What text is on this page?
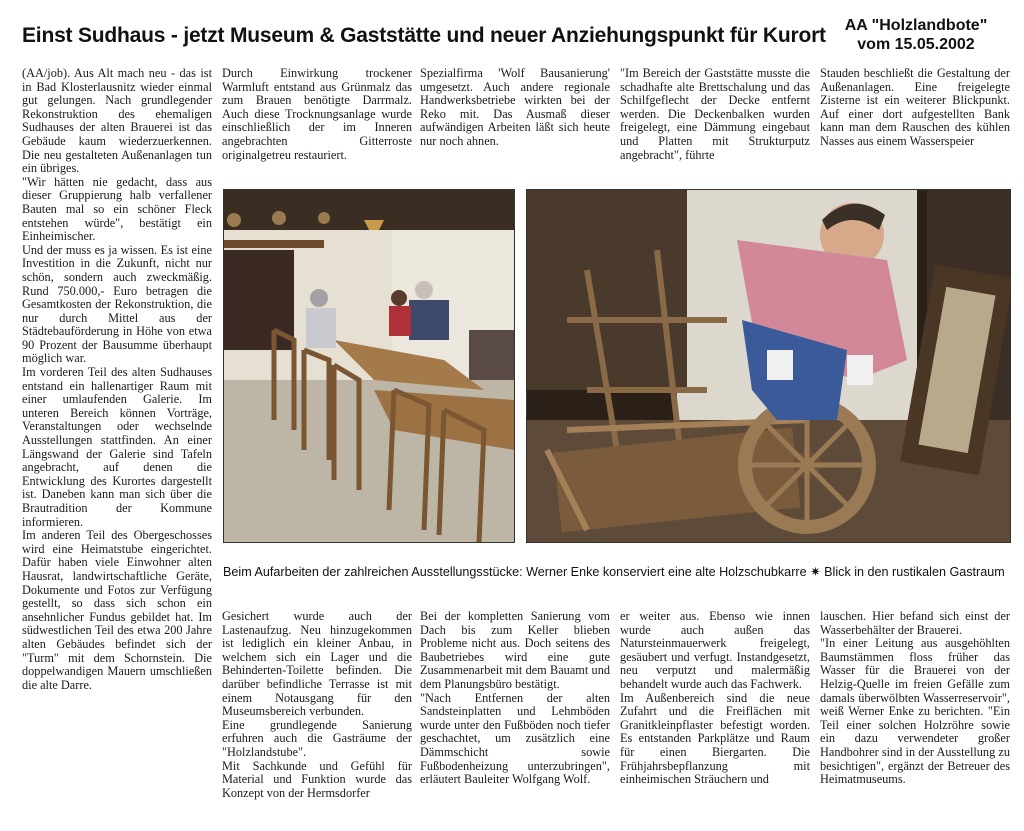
Einst Sudhaus - jetzt Museum & Gaststätte und neuer Anziehungspunkt für Kurort	AA "Holzlandbote"
vom 15.05.2002

(AA/job). Aus Alt mach neu - das ist in Bad Klosterlausnitz wieder einmal gut gelungen. Nach grundlegender Rekonstruktion des ehemaligen Sudhauses der alten Brauerei ist das Gebäude kaum wiederzuerkennen. Die neu gestalteten Außenanlagen tun ein übriges.

"Wir hätten nie gedacht, dass aus dieser Gruppierung halb verfallener Bauten mal so ein schöner Fleck entstehen würde", bestätigt ein Einheimischer.

Und der muss es ja wissen. Es ist eine Investition in die Zukunft, nicht nur schön, sondern auch zweckmäßig. Rund 750.000,- Euro betragen die Gesamtkosten der Rekonstruktion, die nur durch Mittel aus der Städtebauförderung in Höhe von etwa 90 Prozent der Bausumme überhaupt möglich war.

Im vorderen Teil des alten Sudhauses entstand ein hallenartiger Raum mit einer umlaufenden Galerie. Im unteren Bereich können Vorträge, Veranstaltungen oder wechselnde Ausstellungen stattfinden. An einer Längswand der Galerie sind Tafeln angebracht, auf denen die Entwicklung des Kurortes dargestellt ist. Daneben kann man sich über die Brautradition der Kommune informieren.

Im anderen Teil des Obergeschosses wird eine Heimatstube eingerichtet. Dafür haben viele Einwohner alten Hausrat, landwirtschaftliche Geräte, Dokumente und Fotos zur Verfügung gestellt, so dass sich schon ein ansehnlicher Fundus gebildet hat. Im südwestlichen Teil des etwa 200 Jahre alten Gebäudes befindet sich der "Turm" mit dem Schornstein. Die doppelwandigen Mauern umschließen die alte Darre.

Durch Einwirkung trockener Warmluft entstand aus Grünmalz das zum Brauen benötigte Darrmalz. Auch diese Trocknungsanlage wurde einschließlich der im Inneren angebrachten Gitterroste originalgetreu restauriert.

Spezialfirma 'Wolf Bausanierung' umgesetzt. Auch andere regionale Handwerksbetriebe wirkten bei der Reko mit. Das Ausmaß dieser aufwändigen Arbeiten läßt sich heute nur noch ahnen.

"Im Bereich der Gaststätte musste die schadhafte alte Brettschalung und das Schilfgeflecht der Decke entfernt werden. Die Deckenbalken wurden freigelegt, eine Dämmung eingebaut und Platten mit Strukturputz angebracht", führte

Stauden beschließt die Gestaltung der Außenanlagen. Eine freigelegte Zisterne ist ein weiterer Blickpunkt. Auf einer dort aufgestellten Bank kann man dem Rauschen des kühlen Nasses aus einem Wasserspeier

Beim Aufarbeiten der zahlreichen Ausstellungsstücke: Werner Enke konserviert eine alte Holzschubkarre ✷ Blick in den rustikalen Gastraum

Gesichert wurde auch der Lastenaufzug. Neu hinzugekommen ist lediglich ein kleiner Anbau, in welchem sich ein Lager und die Behinderten-Toilette befinden. Die darüber befindliche Terrasse ist mit einem Notausgang für den Museumsbereich verbunden.

Eine grundlegende Sanierung erfuhren auch die Gasträume der "Holzlandstube".

Mit Sachkunde und Gefühl für Material und Funktion wurde das Konzept von der Hermsdorfer

Bei der kompletten Sanierung vom Dach bis zum Keller blieben Probleme nicht aus. Doch seitens des Baubetriebes wird eine gute Zusammenarbeit mit dem Bauamt und dem Planungsbüro bestätigt.

"Nach Entfernen der alten Sandsteinplatten und Lehmböden wurde unter den Fußböden noch tiefer geschachtet, um zusätzlich eine Dämmschicht sowie Fußbodenheizung unterzubringen", erläutert Bauleiter Wolfgang Wolf.

er weiter aus. Ebenso wie innen wurde auch außen das Natursteinmauerwerk freigelegt, gesäubert und verfugt. Instandgesetzt, neu verputzt und malermäßig behandelt wurde auch das Fachwerk.

Im Außenbereich sind die neue Zufahrt und die Freiflächen mit Granitkleinpflaster befestigt worden. Es entstanden Parkplätze und Raum für einen Biergarten. Die Frühjahrsbepflanzung mit einheimischen Sträuchern und

lauschen. Hier befand sich einst der Wasserbehälter der Brauerei.

"In einer Leitung aus ausgehöhlten Baumstämmen floss früher das Wasser für die Brauerei von der Helzig-Quelle im freien Gefälle zum damals überwölbten Wasserreservoir", weiß Werner Enke zu berichten. "Ein Teil einer solchen Holzröhre sowie ein dazu verwendeter großer Handbohrer sind in der Ausstellung zu besichtigen", ergänzt der Betreuer des Heimatmuseums.
